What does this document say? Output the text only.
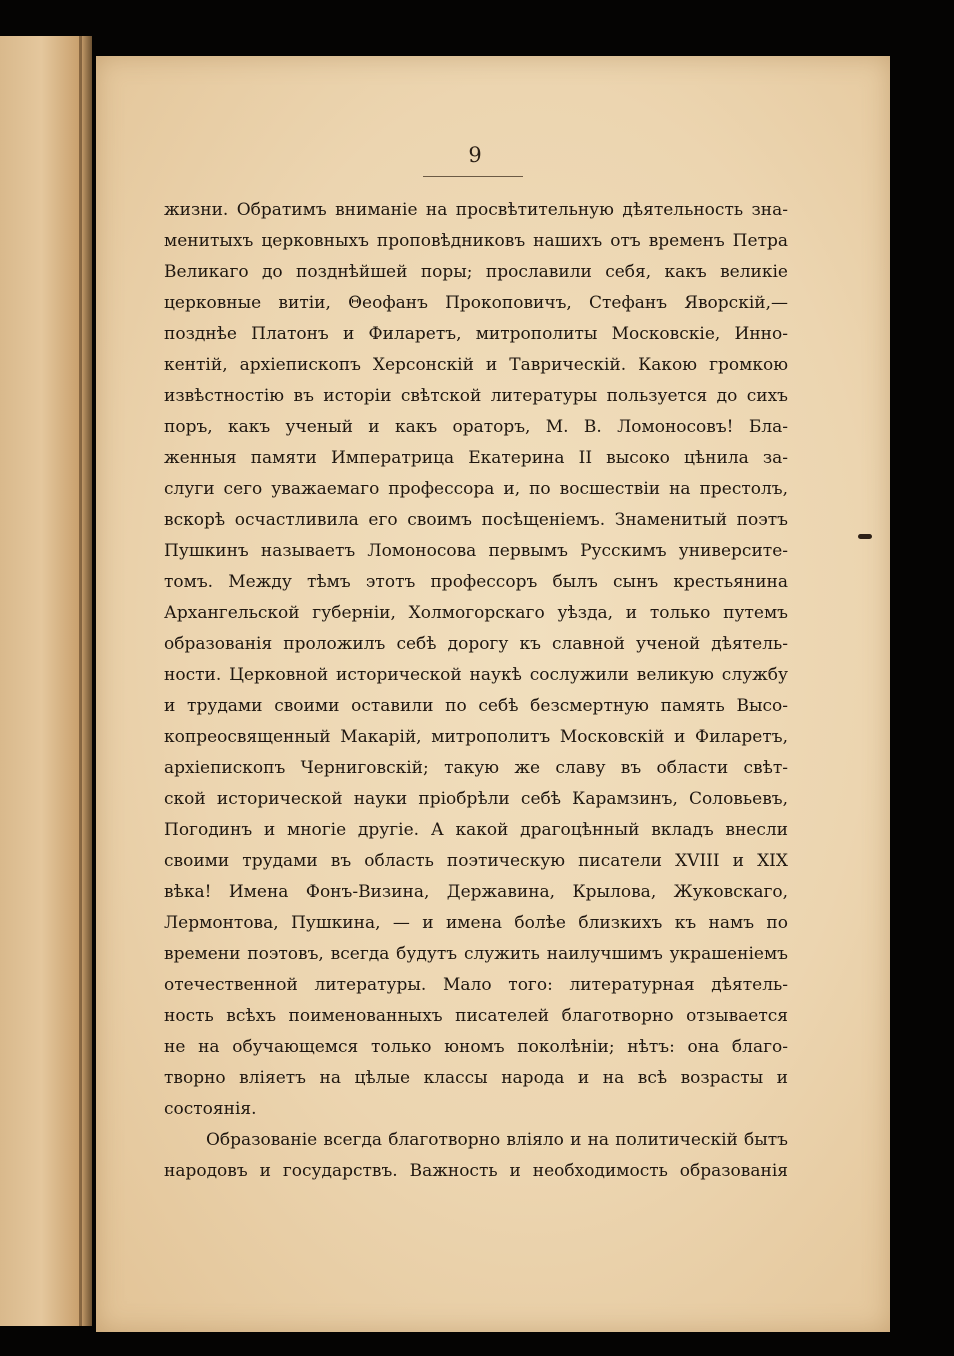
9
жизни. Обратимъ вниманіе на просвѣтительную дѣятельность зна-
менитыхъ церковныхъ проповѣдниковъ нашихъ отъ временъ Петра
Великаго до позднѣйшей поры; прославили себя, какъ великіе
церковные витіи, Θеофанъ Прокоповичъ, Стефанъ Яворскій,—
позднѣе Платонъ и Филаретъ, митрополиты Московскіе, Инно-
кентій, архіепископъ Херсонскій и Таврическій. Какою громкою
извѣстностію въ исторіи свѣтской литературы пользуется до сихъ
поръ, какъ ученый и какъ ораторъ, М. В. Ломоносовъ! Бла-
женныя памяти Императрица Екатерина II высоко цѣнила за-
слуги сего уважаемаго профессора и, по восшествіи на престолъ,
вскорѣ осчастливила его своимъ посѣщеніемъ. Знаменитый поэтъ
Пушкинъ называетъ Ломоносова первымъ Русскимъ университе-
томъ. Между тѣмъ этотъ профессоръ былъ сынъ крестьянина
Архангельской губерніи, Холмогорскаго уѣзда, и только путемъ
образованія проложилъ себѣ дорогу къ славной ученой дѣятель-
ности. Церковной исторической наукѣ сослужили великую службу
и трудами своими оставили по себѣ безсмертную память Высо-
копреосвященный Макарій, митрополитъ Московскій и Филаретъ,
архіепископъ Черниговскій; такую же славу въ области свѣт-
ской исторической науки пріобрѣли себѣ Карамзинъ, Соловьевъ,
Погодинъ и многіе другіе. А какой драгоцѣнный вкладъ внесли
своими трудами въ область поэтическую писатели XVIII и XIX
вѣка! Имена Фонъ-Визина, Державина, Крылова, Жуковскаго,
Лермонтова, Пушкина, — и имена болѣе близкихъ къ намъ по
времени поэтовъ, всегда будутъ служить наилучшимъ украшеніемъ
отечественной литературы. Мало того: литературная дѣятель-
ность всѣхъ поименованныхъ писателей благотворно отзывается
не на обучающемся только юномъ поколѣніи; нѣтъ: она благо-
творно вліяетъ на цѣлые классы народа и на всѣ возрасты и
состоянія.
Образованіе всегда благотворно вліяло и на политическій бытъ
народовъ и государствъ. Важность и необходимость образованія
